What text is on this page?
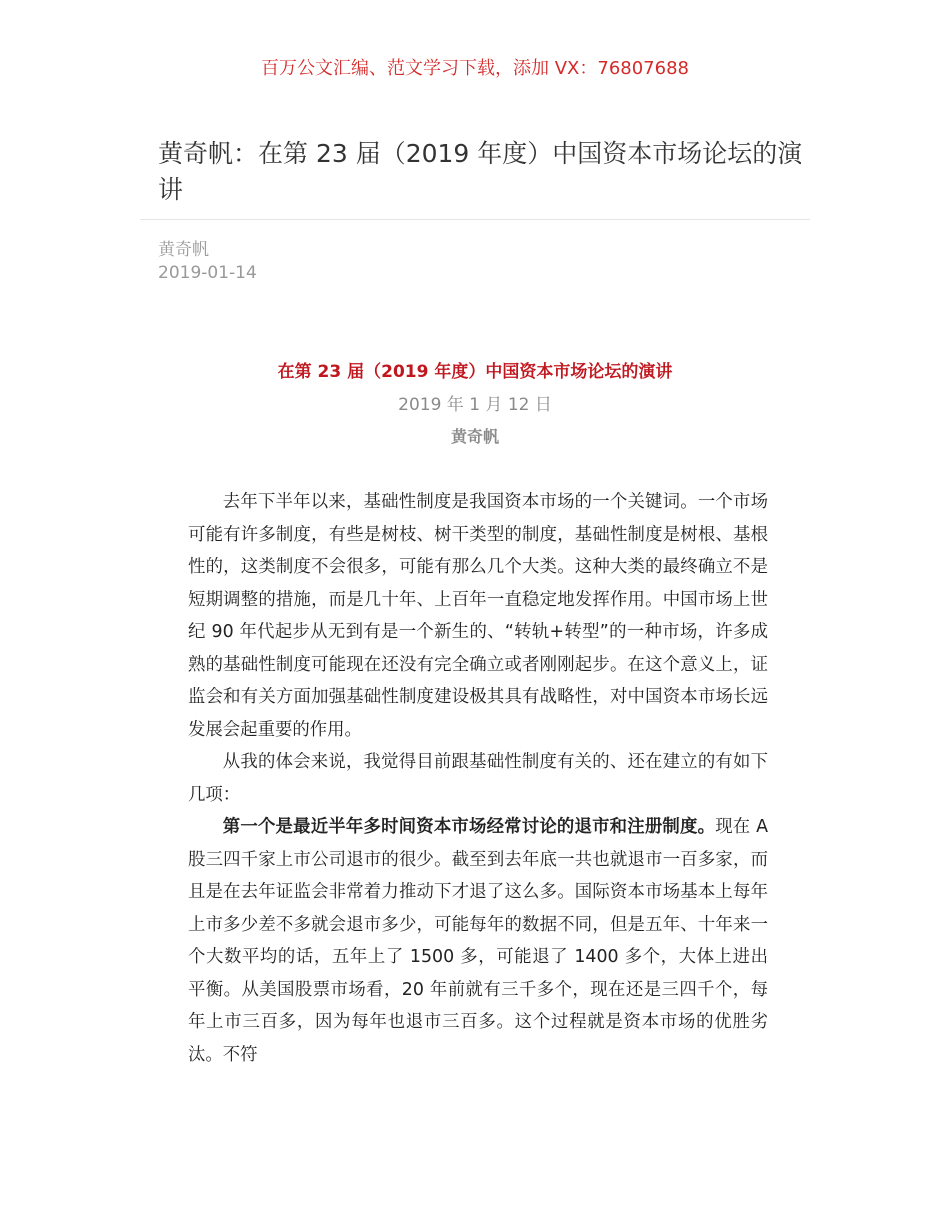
百万公文汇编、范文学习下载，添加 VX：76807688
黄奇帆：在第 23 届（2019 年度）中国资本市场论坛的演讲
黄奇帆
2019-01-14
在第 23 届（2019 年度）中国资本市场论坛的演讲
2019 年 1 月 12 日
黄奇帆

去年下半年以来，基础性制度是我国资本市场的一个关键词。一个市场可能有许多制度，有些是树枝、树干类型的制度，基础性制度是树根、基根性的，这类制度不会很多，可能有那么几个大类。这种大类的最终确立不是短期调整的措施，而是几十年、上百年一直稳定地发挥作用。中国市场上世纪 90 年代起步从无到有是一个新生的、“转轨+转型”的一种市场，许多成熟的基础性制度可能现在还没有完全确立或者刚刚起步。在这个意义上，证监会和有关方面加强基础性制度建设极其具有战略性，对中国资本市场长远发展会起重要的作用。

从我的体会来说，我觉得目前跟基础性制度有关的、还在建立的有如下几项：

第一个是最近半年多时间资本市场经常讨论的退市和注册制度。现在 A 股三四千家上市公司退市的很少。截至到去年底一共也就退市一百多家，而且是在去年证监会非常着力推动下才退了这么多。国际资本市场基本上每年上市多少差不多就会退市多少，可能每年的数据不同，但是五年、十年来一个大数平均的话，五年上了 1500 多，可能退了 1400 多个，大体上进出平衡。从美国股票市场看，20 年前就有三千多个，现在还是三四千个，每年上市三百多，因为每年也退市三百多。这个过程就是资本市场的优胜劣汰。不符
